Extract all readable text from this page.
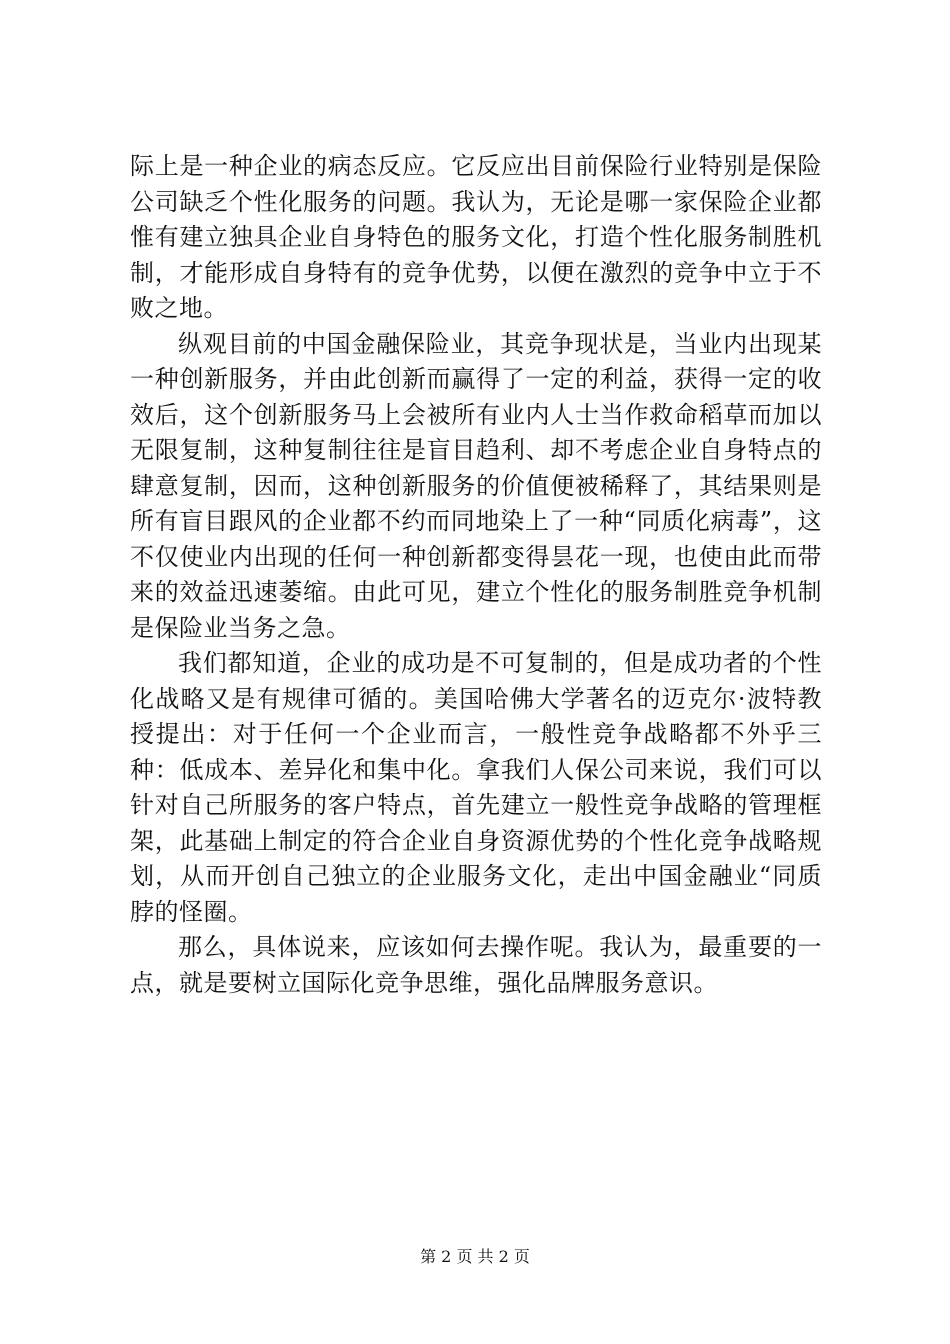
际上是一种企业的病态反应。它反应出目前保险行业特别是保险公司缺乏个性化服务的问题。我认为，无论是哪一家保险企业都惟有建立独具企业自身特色的服务文化，打造个性化服务制胜机制，才能形成自身特有的竞争优势，以便在激烈的竞争中立于不败之地。

纵观目前的中国金融保险业，其竞争现状是，当业内出现某一种创新服务，并由此创新而赢得了一定的利益，获得一定的收效后，这个创新服务马上会被所有业内人士当作救命稻草而加以无限复制，这种复制往往是盲目趋利、却不考虑企业自身特点的肆意复制，因而，这种创新服务的价值便被稀释了，其结果则是所有盲目跟风的企业都不约而同地染上了一种“同质化病毒”，这不仅使业内出现的任何一种创新都变得昙花一现，也使由此而带来的效益迅速萎缩。由此可见，建立个性化的服务制胜竞争机制是保险业当务之急。

我们都知道，企业的成功是不可复制的，但是成功者的个性化战略又是有规律可循的。美国哈佛大学著名的迈克尔·波特教授提出：对于任何一个企业而言，一般性竞争战略都不外乎三种：低成本、差异化和集中化。拿我们人保公司来说，我们可以针对自己所服务的客户特点，首先建立一般性竞争战略的管理框架，此基础上制定的符合企业自身资源优势的个性化竞争战略规划，从而开创自己独立的企业服务文化，走出中国金融业“同质脖的怪圈。

那么，具体说来，应该如何去操作呢。我认为，最重要的一点，就是要树立国际化竞争思维，强化品牌服务意识。

第 2 页 共 2 页
